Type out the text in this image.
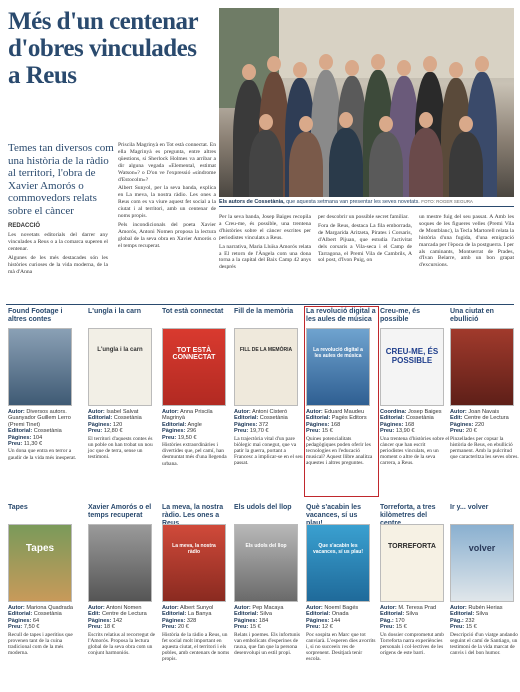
Més d'un centenar d'obres vinculades a Reus
Temes tan diversos com una història de la ràdio al territori, l'obra de Xavier Amorós o commovedors relats sobre el càncer
REDACCIÓ

Les novetats editorials del darrer any vinculades a Reus o a la comarca superen el centenar.

Algunes de les més destacades són les històries curioses de la vida moderna, de la mà d'Anna

Priscila Magrinyà en Tot està connectat. En ella Magrinyà es pregunta, entre altres qüestions, si Sherlock Holmes va arribar a dir alguna vegada «Elemental, estimat Watson»? o D'on ve l'expressió «síndrome d'Estocolm»?

Albert Sunyol, per la seva banda, explica en La meva, la nostra ràdio. Les ones a Reus com es va viure aquest fet social a la ciutat i al territori, amb un centenar de noms propis.

Pels incondicionals del poeta Xavier Amorós, Antoni Nomen proposa la lectura global de la seva obra en Xavier Amorós o el temps recuperat.

Per la seva banda, Josep Baiges recopila a Creu-me, és possible, una trentena d'històries sobre el càncer escrites per periodistes vinculats a Reus.

La narrativa, Maria Lluïsa Amorós relata a El retorn de l'Àngela com una dona torna a la capital del Baix Camp 42 anys després

per descobrir un possible secret familiar.

Fora de Reus, destaca La fila emborrada, de Margarida Aritzeta, Pirates i Corsaris, d'Albert Pijuan, que estudia l'activitat dels corsaris a Vila-seca i el Camp de Tarragona, el Premi Vila de Cambrils, A sol post, d'Ivon Puig, on

un mestre fuig del seu passat. A Amb les soques de les figueres velles (Premi Vila de Montblanc), la Tecla Martorell relata la història d'una fugida, d'una emigració marcada per l'època de la postguerra. I per als caminants, Montserrat de Prades, d'Ivan Belarre, amb un bon grapat d'excursions.

Els autors de Cossetània, que aquesta setmana van presentar les seves novetats. FOTO: ROGER SEGURA
Found Footage i altres contes
Autor: Diversos autors. Guanyador Guillem Lerro (Premi Tinet)
Editorial: Cossetània
Pàgines: 104
Preu: 11,30 €
Un dona que entra en terror a gaudir de la vida més inesperat.
L'ungla i la carn
L'ungla i la carn
Autor: Isabel Salvat
Editorial: Cossetània
Pàgines: 120
Preu: 12,80 €
El territori d'aquests contes és un poble on han trobat un nou joc que de terra, sense un testimoni.
Tot està connectat
TOT ESTÀ CONNECTAT
Autor: Anna Priscila Magrinyà
Editorial: Angle
Pàgines: 296
Preu: 19,50 €
Històries extraordinàries i divertides que, pel camí, han desmuntat més d'una llegenda urbana.
Fill de la memòria
FILL DE LA MEMÒRIA
Autor: Antoni Cisteró
Editorial: Cossetània
Pàgines: 372
Preu: 19,70 €
La trajectòria vital d'un pare biòlegic mai conegut, que va patir la guerra, portant a Francesc a implicar-se en el seu passat.
La revolució digital a les aules de música
La revolució digital a les aules de música
Autor: Eduard Maudeu
Editorial: Pagès Editors
Pàgines: 168
Preu: 15 €
Quines potencialitats pedagògiques poden oferir les tecnologies en l'educació musical? Aquest llibre analitza aquestes i altres preguntes.
Creu-me, és possible
CREU-ME, ÉS POSSIBLE
Coordina: Josep Baiges
Editorial: Cossetània
Pàgines: 168
Preu: 13,90 €
Una trentena d'històries sobre el càncer que han escrit periodistes vinculats, en un moment o altre de la seva carrera, a Reus.
Una ciutat en ebullició
Autor: Joan Navais
Edit: Centre de Lectura
Pàgines: 220
Preu: 20 €
Pinzellades per copsar la història de Reus, en ebullició permanent. Amb la pulcritud que caracteritza les seves obres.
Tapes
Tapes
Autor: Mariona Quadrada
Editorial: Cossetània
Pàgines: 64
Preu: 7,50 €
Recull de tapes i aperitius que provenen tant de la cuina tradicional com de la més moderna.
Xavier Amorós o el temps recuperat
Autor: Antoni Nomen
Edit: Centre de Lectura
Pàgines: 142
Preu: 18 €
Escrits relatius al recorregut de l'Amorós. Proposa la lectura global de la seva obra com un conjunt harmoniós.
La meva, la nostra ràdio. Les ones a
La meva, la nostra ràdio
Autor: Albert Sunyol
Editorial: La Banya
Pàgines: 328
Preu: 20 €
Història de la ràdio a Reus, un fet social molt important en aquesta ciutat, el territori i els pobles, amb centenars de noms propis.
Els udols del llop
Els udols del llop
Autor: Pep Macaya
Editorial: Silva
Pàgines: 184
Preu: 15 €
Relats i poemes. Els infortunis van embolicats d'esperines de rauxa, que fan que la persona desenvolupi un estil propi.
Què s'acabin les vacances, sí us
Que s'acabin les vacances, sí us plau!
Autor: Noemí Bagés
Editorial: Onada
Pàgines: 144
Preu: 12 €
Poc sospita en Marc que tot canviarà. L'esperen dies avorrits i, si no succeeix res de sorprenent. Desitjarà tenir escola.
Torreforta, a tres kilòmetres del
TORREFORTA
Autor: M. Teresa Prad
Editorial: Silva
Pàg.: 170
Preu: 15 €
Un dossier comprometut amb Torreforta narra experiències personals i col·lectives de les orígens de este barri.
Ir y... volver
volver
Autor: Rubén Herias
Editorial: Silva
Pàg.: 232
Preu: 15 €
Descripció d'un viatge andando seguint el camí de Santiago, un testimoni de la vida marcat de canvis i del bon humor.
